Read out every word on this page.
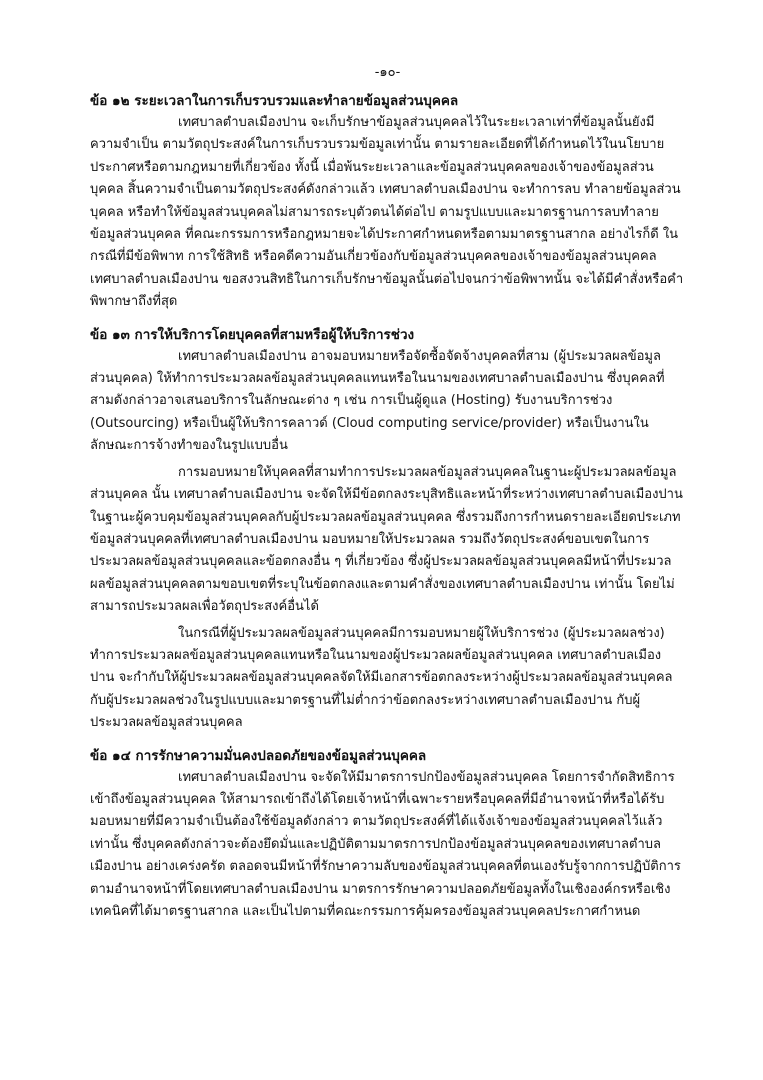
-๑๐-

ข้อ ๑๒ ระยะเวลาในการเก็บรวบรวมและทำลายข้อมูลส่วนบุคคล

เทศบาลตำบลเมืองปาน จะเก็บรักษาข้อมูลส่วนบุคคลไว้ในระยะเวลาเท่าที่ข้อมูลนั้นยังมีความจำเป็น ตามวัตถุประสงค์ในการเก็บรวบรวมข้อมูลเท่านั้น ตามรายละเอียดที่ได้กำหนดไว้ในนโยบาย ประกาศหรือตามกฎหมายที่เกี่ยวข้อง ทั้งนี้ เมื่อพ้นระยะเวลาและข้อมูลส่วนบุคคลของเจ้าของข้อมูลส่วนบุคคล สิ้นความจำเป็นตามวัตถุประสงค์ดังกล่าวแล้ว เทศบาลตำบลเมืองปาน จะทำการลบ ทำลายข้อมูลส่วนบุคคล หรือทำให้ข้อมูลส่วนบุคคลไม่สามารถระบุตัวตนได้ต่อไป ตามรูปแบบและมาตรฐานการลบทำลายข้อมูลส่วนบุคคล ที่คณะกรรมการหรือกฎหมายจะได้ประกาศกำหนดหรือตามมาตรฐานสากล อย่างไรก็ดี ในกรณีที่มีข้อพิพาท การใช้สิทธิ หรือคดีความอันเกี่ยวข้องกับข้อมูลส่วนบุคคลของเจ้าของข้อมูลส่วนบุคคล เทศบาลตำบลเมืองปาน ขอสงวนสิทธิในการเก็บรักษาข้อมูลนั้นต่อไปจนกว่าข้อพิพาทนั้น จะได้มีคำสั่งหรือคำพิพากษาถึงที่สุด

ข้อ ๑๓ การให้บริการโดยบุคคลที่สามหรือผู้ให้บริการช่วง

เทศบาลตำบลเมืองปาน อาจมอบหมายหรือจัดซื้อจัดจ้างบุคคลที่สาม (ผู้ประมวลผลข้อมูลส่วนบุคคล) ให้ทำการประมวลผลข้อมูลส่วนบุคคลแทนหรือในนามของเทศบาลตำบลเมืองปาน ซึ่งบุคคลที่สามดังกล่าวอาจเสนอบริการในลักษณะต่าง ๆ เช่น การเป็นผู้ดูแล (Hosting) รับงานบริการช่วง (Outsourcing) หรือเป็นผู้ให้บริการคลาวด์ (Cloud computing service/provider) หรือเป็นงานในลักษณะการจ้างทำของในรูปแบบอื่น

การมอบหมายให้บุคคลที่สามทำการประมวลผลข้อมูลส่วนบุคคลในฐานะผู้ประมวลผลข้อมูลส่วนบุคคล นั้น เทศบาลตำบลเมืองปาน จะจัดให้มีข้อตกลงระบุสิทธิและหน้าที่ระหว่างเทศบาลตำบลเมืองปาน ในฐานะผู้ควบคุมข้อมูลส่วนบุคคลกับผู้ประมวลผลข้อมูลส่วนบุคคล ซึ่งรวมถึงการกำหนดรายละเอียดประเภท ข้อมูลส่วนบุคคลที่เทศบาลตำบลเมืองปาน มอบหมายให้ประมวลผล รวมถึงวัตถุประสงค์ขอบเขตในการประมวลผลข้อมูลส่วนบุคคลและข้อตกลงอื่น ๆ ที่เกี่ยวข้อง ซึ่งผู้ประมวลผลข้อมูลส่วนบุคคลมีหน้าที่ประมวลผลข้อมูลส่วนบุคคลตามขอบเขตที่ระบุในข้อตกลงและตามคำสั่งของเทศบาลตำบลเมืองปาน เท่านั้น โดยไม่สามารถประมวลผลเพื่อวัตถุประสงค์อื่นได้

ในกรณีที่ผู้ประมวลผลข้อมูลส่วนบุคคลมีการมอบหมายผู้ให้บริการช่วง (ผู้ประมวลผลช่วง) ทำการประมวลผลข้อมูลส่วนบุคคลแทนหรือในนามของผู้ประมวลผลข้อมูลส่วนบุคคล เทศบาลตำบลเมืองปาน จะกำกับให้ผู้ประมวลผลข้อมูลส่วนบุคคลจัดให้มีเอกสารข้อตกลงระหว่างผู้ประมวลผลข้อมูลส่วนบุคคลกับผู้ประมวลผลช่วงในรูปแบบและมาตรฐานที่ไม่ต่ำกว่าข้อตกลงระหว่างเทศบาลตำบลเมืองปาน กับผู้ประมวลผลข้อมูลส่วนบุคคล

ข้อ ๑๔ การรักษาความมั่นคงปลอดภัยของข้อมูลส่วนบุคคล

เทศบาลตำบลเมืองปาน จะจัดให้มีมาตรการปกป้องข้อมูลส่วนบุคคล โดยการจำกัดสิทธิการเข้าถึงข้อมูลส่วนบุคคล ให้สามารถเข้าถึงได้โดยเจ้าหน้าที่เฉพาะรายหรือบุคคลที่มีอำนาจหน้าที่หรือได้รับมอบหมายที่มีความจำเป็นต้องใช้ข้อมูลดังกล่าว ตามวัตถุประสงค์ที่ได้แจ้งเจ้าของข้อมูลส่วนบุคคลไว้แล้วเท่านั้น ซึ่งบุคคลดังกล่าวจะต้องยึดมั่นและปฏิบัติตามมาตรการปกป้องข้อมูลส่วนบุคคลของเทศบาลตำบลเมืองปาน อย่างเคร่งครัด ตลอดจนมีหน้าที่รักษาความลับของข้อมูลส่วนบุคคลที่ตนเองรับรู้จากการปฏิบัติการตามอำนาจหน้าที่โดยเทศบาลตำบลเมืองปาน มาตรการรักษาความปลอดภัยข้อมูลทั้งในเชิงองค์กรหรือเชิงเทคนิคที่ได้มาตรฐานสากล และเป็นไปตามที่คณะกรรมการคุ้มครองข้อมูลส่วนบุคคลประกาศกำหนด
